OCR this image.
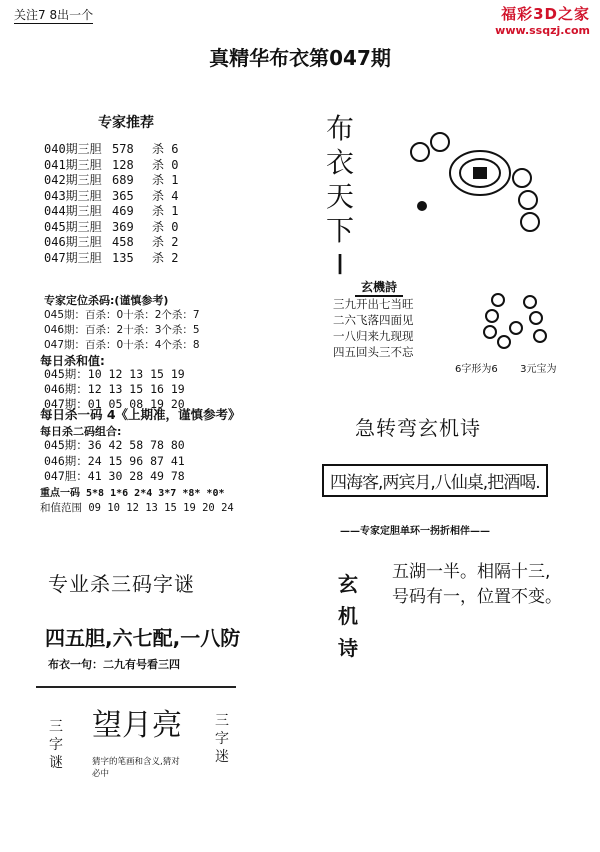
关注7 8出一个	福彩3D之家
www.ssqzj.com
真精华布衣第047期
专家推荐
040期三胆 578 杀 6
041期三胆 128 杀 0
042期三胆 689 杀 1
043期三胆 365 杀 4
044期三胆 469 杀 1
045期三胆 369 杀 0
046期三胆 458 杀 2
047期三胆 135 杀 2
专家定位杀码:(谨慎参考)
045期：百杀：0十杀：2个杀：7
046期：百杀：2十杀：3个杀：5
047期：百杀：0十杀：4个杀：8
每日杀和值:
045期：10 12 13 15 19
046期：12 13 15 16 19
047期：01 05 08 19 20
每日杀一码 4《上期准，谨慎参考》
每日杀二码组合:
045期：36 42 58 78 80
046期：24 15 96 87 41
047胆：41 30 28 49 78
重点一码 5*8 1*6 2*4 3*7 *8* *0*
和值范围 09 10 12 13 15 19 20 24
专业杀三码字谜
四五胆,六七配,一八防
布衣一句：二九有号看三四
三字谜
望月亮
猜字的笔画和含义,猜对必中
三字迷
布衣天下I
玄機詩
三九开出七当旺
二六飞落四面见
一八归来九现现
四五回头三不忘
6字形为6 3元宝为
急转弯玄机诗
四海客,两宾月,八仙桌,把酒喝.
——专家定胆单环一拐折相伴——
玄机诗
五湖一半。相隔十三,
号码有一，位置不变。
